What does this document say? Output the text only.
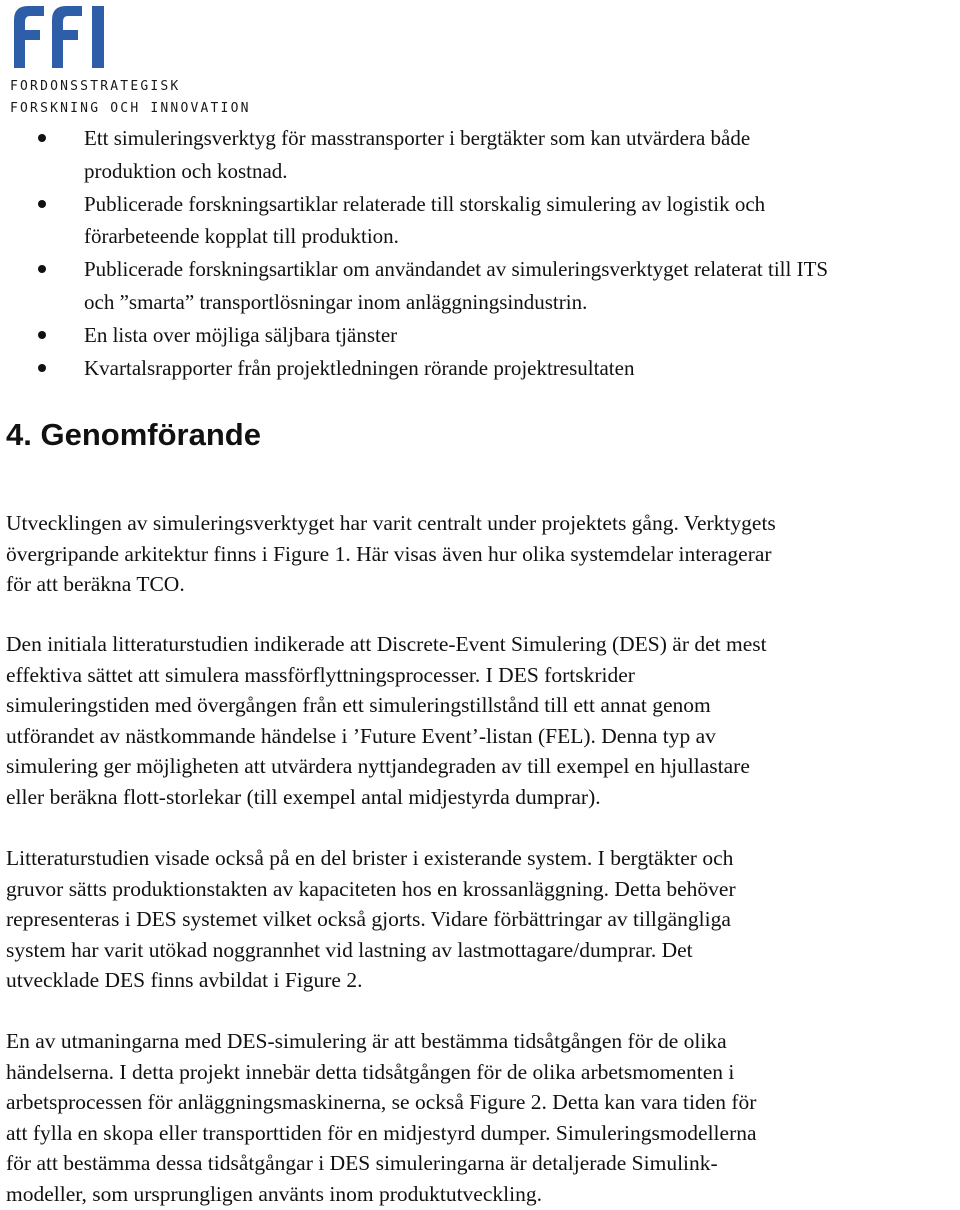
FORDONSSTRATEGISK
FORSKNING OCH INNOVATION
Ett simuleringsverktyg för masstransporter i bergtäkter som kan utvärdera både
produktion och kostnad.
Publicerade forskningsartiklar relaterade till storskalig simulering av logistik och
förarbeteende kopplat till produktion.
Publicerade forskningsartiklar om användandet av simuleringsverktyget relaterat till ITS
och ”smarta” transportlösningar inom anläggningsindustrin.
En lista over möjliga säljbara tjänster
Kvartalsrapporter från projektledningen rörande projektresultaten
4. Genomförande

Utvecklingen av simuleringsverktyget har varit centralt under projektets gång. Verktygets
övergripande arkitektur finns i Figure 1. Här visas även hur olika systemdelar interagerar
för att beräkna TCO.

Den initiala litteraturstudien indikerade att Discrete-Event Simulering (DES) är det mest
effektiva sättet att simulera massförflyttningsprocesser. I DES fortskrider
simuleringstiden med övergången från ett simuleringstillstånd till ett annat genom
utförandet av nästkommande händelse i ’Future Event’-listan (FEL). Denna typ av
simulering ger möjligheten att utvärdera nyttjandegraden av till exempel en hjullastare
eller beräkna flott-storlekar (till exempel antal midjestyrda dumprar).

Litteraturstudien visade också på en del brister i existerande system. I bergtäkter och
gruvor sätts produktionstakten av kapaciteten hos en krossanläggning. Detta behöver
representeras i DES systemet vilket också gjorts. Vidare förbättringar av tillgängliga
system har varit utökad noggrannhet vid lastning av lastmottagare/dumprar. Det
utvecklade DES finns avbildat i Figure 2.

En av utmaningarna med DES-simulering är att bestämma tidsåtgången för de olika
händelserna. I detta projekt innebär detta tidsåtgången för de olika arbetsmomenten i
arbetsprocessen för anläggningsmaskinerna, se också Figure 2. Detta kan vara tiden för
att fylla en skopa eller transporttiden för en midjestyrd dumper. Simuleringsmodellerna
för att bestämma dessa tidsåtgångar i DES simuleringarna är detaljerade Simulink-
modeller, som ursprungligen använts inom produktutveckling.
